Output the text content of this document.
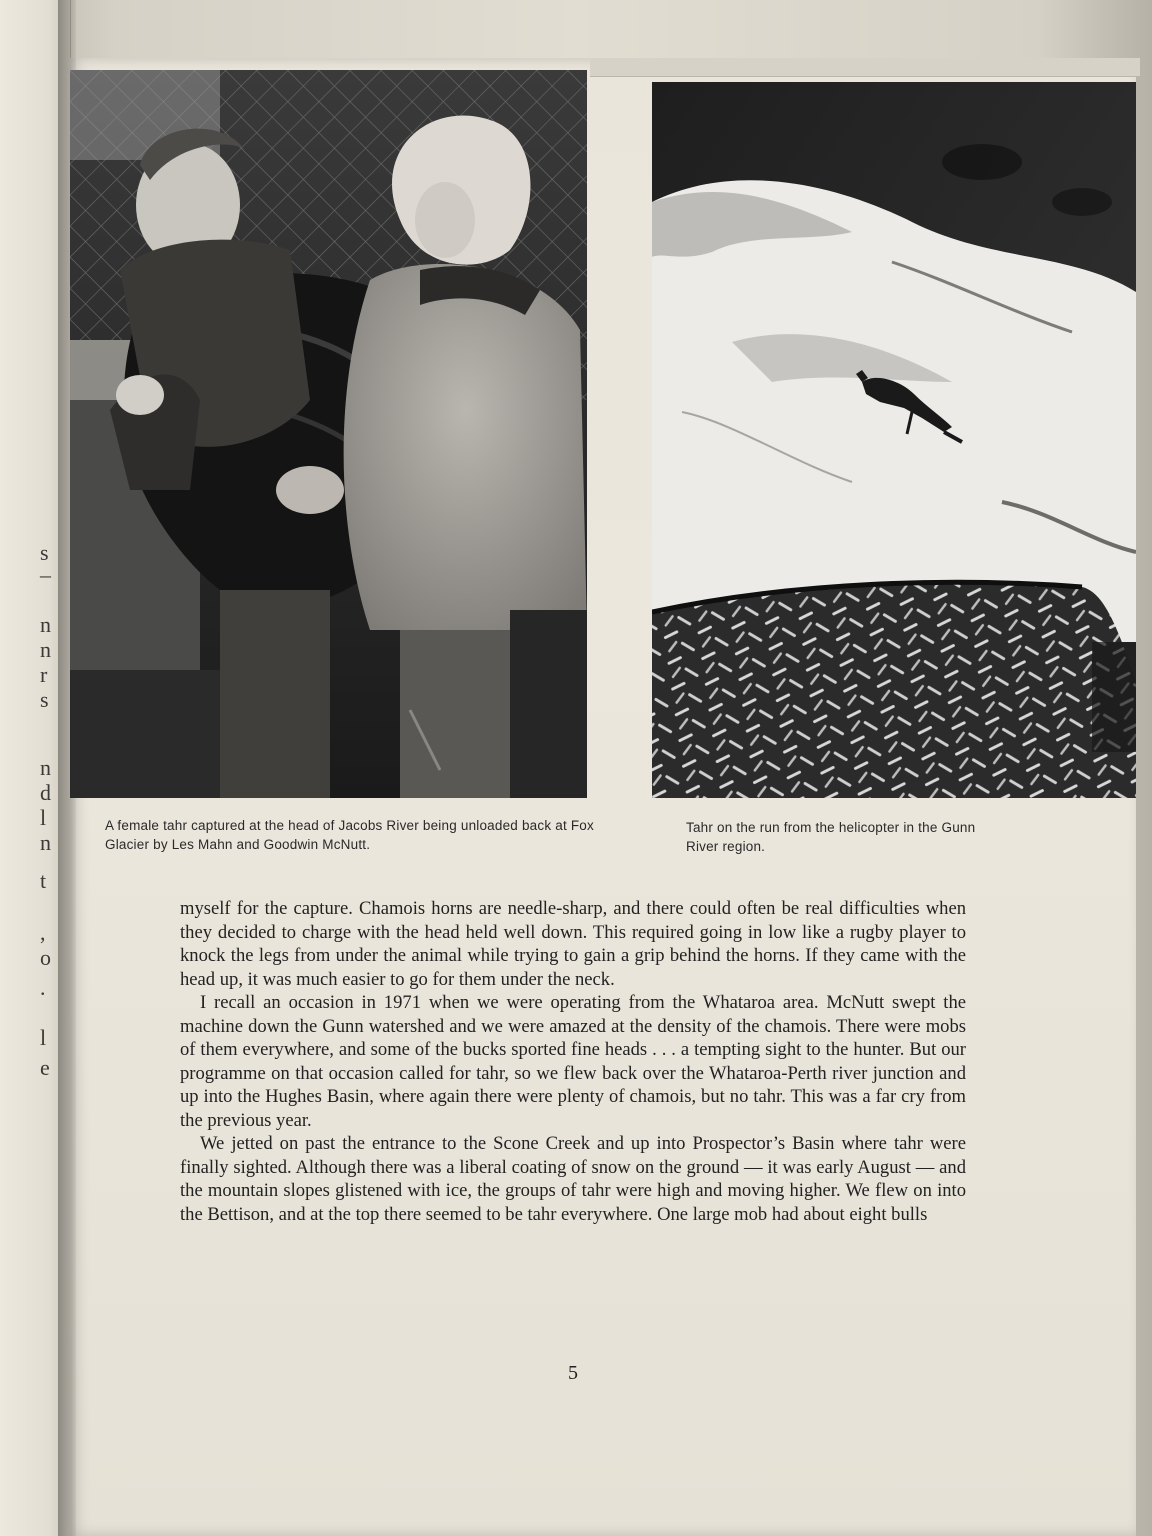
s
–
n
n
r
s
n
d
l
n
t
,
o
.
l
e
A female tahr captured at the head of Jacobs River being unloaded back at Fox Glacier by Les Mahn and Goodwin McNutt.
Tahr on the run from the helicopter in the Gunn River region.

myself for the capture. Chamois horns are needle-sharp, and there could often be real difficulties when they decided to charge with the head held well down. This required going in low like a rugby player to knock the legs from under the animal while trying to gain a grip behind the horns. If they came with the head up, it was much easier to go for them under the neck.

I recall an occasion in 1971 when we were operating from the Whataroa area. McNutt swept the machine down the Gunn watershed and we were amazed at the density of the chamois. There were mobs of them everywhere, and some of the bucks sported fine heads . . . a tempting sight to the hunter. But our programme on that occasion called for tahr, so we flew back over the Whataroa-Perth river junction and up into the Hughes Basin, where again there were plenty of chamois, but no tahr. This was a far cry from the previous year.

We jetted on past the entrance to the Scone Creek and up into Prospector’s Basin where tahr were finally sighted. Although there was a liberal coating of snow on the ground — it was early August — and the mountain slopes glistened with ice, the groups of tahr were high and moving higher. We flew on into the Bettison, and at the top there seemed to be tahr everywhere. One large mob had about eight bulls

5
